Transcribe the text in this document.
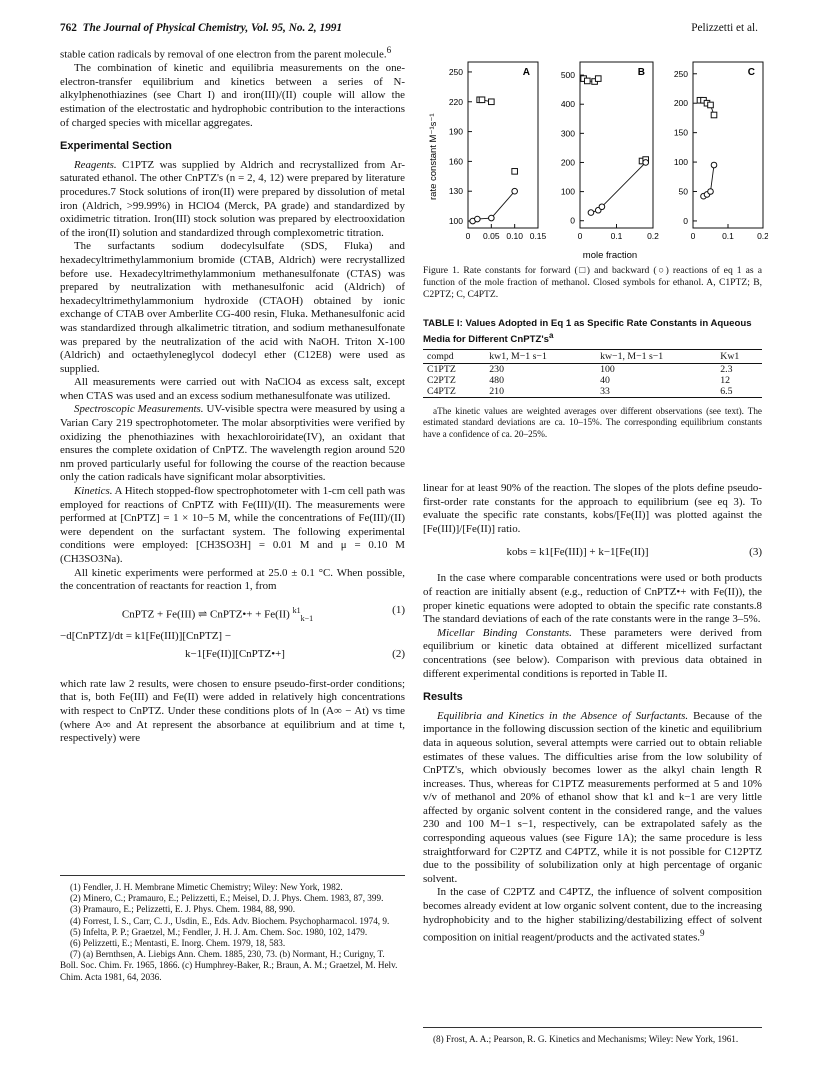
762 The Journal of Physical Chemistry, Vol. 95, No. 2, 1991	Pelizzetti et al.

stable cation radicals by removal of one electron from the parent molecule.$^6$

The combination of kinetic and equilibria measurements on the one-electron-transfer equilibrium and kinetics between a series of N-alkylphenothiazines (see Chart I) and iron(III)/(II) couple will allow the estimation of the electrostatic and hydrophobic contribution to the interactions of charged species with micellar aggregates.

Experimental Section

Reagents. C1PTZ was supplied by Aldrich and recrystallized from Ar-saturated ethanol. The other CnPTZ's (n = 2, 4, 12) were prepared by literature procedures.7 Stock solutions of iron(II) were prepared by dissolution of metal iron (Aldrich, >99.99%) in HClO4 (Merck, PA grade) and standardized by oxidimetric titration. Iron(III) stock solution was prepared by electrooxidation of the iron(II) solution and standardized through complexometric titration.

The surfactants sodium dodecylsulfate (SDS, Fluka) and hexadecyltrimethylammonium bromide (CTAB, Aldrich) were recrystallized before use. Hexadecyltrimethylammonium methanesulfonate (CTAS) was prepared by neutralization with methanesulfonic acid (Aldrich) of hexadecyltrimethylammonium hydroxide (CTAOH) obtained by ionic exchange of CTAB over Amberlite CG-400 resin, Fluka. Methanesulfonic acid was standardized through alkalimetric titration, and sodium methanesulfonate was prepared by the neutralization of the acid with NaOH. Triton X-100 (Aldrich) and octaethyleneglycol dodecyl ether (C12E8) were used as supplied.

All measurements were carried out with NaClO4 as excess salt, except when CTAS was used and an excess sodium methanesulfonate was utilized.

Spectroscopic Measurements. UV-visible spectra were measured by using a Varian Cary 219 spectrophotometer. The molar absorptivities were verified by oxidizing the phenothiazines with hexachloroiridate(IV), an oxidant that ensures the complete oxidation of CnPTZ. The wavelength region around 520 nm proved particularly useful for following the course of the reaction because only the cation radicals have significant molar absorptivities.

Kinetics. A Hitech stopped-flow spectrophotometer with 1-cm cell path was employed for reactions of CnPTZ with Fe(III)/(II). The measurements were performed at [CnPTZ] = 1 × 10−5 M, while the concentrations of Fe(III)/(II) were dependent on the surfactant system. The following experimental conditions were employed: [CH3SO3H] = 0.01 M and μ = 0.10 M (CH3SO3Na).

All kinetic experiments were performed at 25.0 ± 0.1 °C. When possible, the concentration of reactants for reaction 1, from

CnPTZ + Fe(III) ⇌ CnPTZ•+ + Fe(II) $^{k1}_{k-1}$
(1)
−d[CnPTZ]/dt = k1[Fe(III)][CnPTZ] −
k−1[Fe(II)][CnPTZ•+]	(2)

which rate law 2 results, were chosen to ensure pseudo-first-order conditions; that is, both Fe(III) and Fe(II) were added in relatively high concentrations with respect to CnPTZ. Under these conditions plots of ln (A∞ − At) vs time (where A∞ and At represent the absorbance at equilibrium and at time t, respectively) were

(1) Fendler, J. H. Membrane Mimetic Chemistry; Wiley: New York, 1982.

(2) Minero, C.; Pramauro, E.; Pelizzetti, E.; Meisel, D. J. Phys. Chem. 1983, 87, 399.

(3) Pramauro, E.; Pelizzetti, E. J. Phys. Chem. 1984, 88, 990.

(4) Forrest, I. S., Carr, C. J., Usdin, E., Eds. Adv. Biochem. Psychopharmacol. 1974, 9.

(5) Infelta, P. P.; Graetzel, M.; Fendler, J. H. J. Am. Chem. Soc. 1980, 102, 1479.

(6) Pelizzetti, E.; Mentasti, E. Inorg. Chem. 1979, 18, 583.

(7) (a) Bernthsen, A. Liebigs Ann. Chem. 1885, 230, 73. (b) Normant, H.; Curigny, T. Boll. Soc. Chim. Fr. 1965, 1866. (c) Humphrey-Baker, R.; Braun, A. M.; Graetzel, M. Helv. Chim. Acta 1981, 64, 2036.

A
100
130
160
190
220
250
0 0.05 0.10 0.15
B
0
100
200
300
400
500
0	0.1	0.2
C
0
50
100
150
200
250
0	0.1	0.2
rate constant M⁻¹s⁻¹
mole fraction
Figure 1. Rate constants for forward (□) and backward (○) reactions of eq 1 as a function of the mole fraction of methanol. Closed symbols for ethanol. A, C1PTZ; B, C2PTZ; C, C4PTZ.
TABLE I: Values Adopted in Eq 1 as Specific Rate Constants in Aqueous Media for Different $CnPTZ's^a$
compd	kw1, M−1 s−1	kw−1, M−1 s−1	Kw1
C1PTZ	230	100	2.3
C2PTZ	480	40	12
C4PTZ	210	33	6.5
aThe kinetic values are weighted averages over different observations (see text). The estimated standard deviations are ca. 10–15%. The corresponding equilibrium constants have a confidence of ca. 20–25%.

linear for at least 90% of the reaction. The slopes of the plots define pseudo-first-order rate constants for the approach to equilibrium (see eq 3). To evaluate the specific rate constants, kobs/[Fe(II)] was plotted against the [Fe(III)]/[Fe(II)] ratio.

kobs = k1[Fe(III)] + k−1[Fe(II)]	(3)

In the case where comparable concentrations were used or both products of reaction are initially absent (e.g., reduction of CnPTZ•+ with Fe(II)), the proper kinetic equations were adopted to obtain the specific rate constants.8 The standard deviations of each of the rate constants were in the range 3–5%.

Micellar Binding Constants. These parameters were derived from equilibrium or kinetic data obtained at different micellized surfactant concentrations (see below). Comparison with previous data obtained in different experimental conditions is reported in Table II.

Results

Equilibria and Kinetics in the Absence of Surfactants. Because of the importance in the following discussion section of the kinetic and equilibrium data in aqueous solution, several attempts were carried out to obtain reliable estimates of these values. The difficulties arise from the low solubility of CnPTZ's, which obviously becomes lower as the alkyl chain length R increases. Thus, whereas for C1PTZ measurements performed at 5 and 10% v/v of methanol and 20% of ethanol show that k1 and k−1 are very little affected by organic solvent content in the considered range, and the values 230 and 100 M−1 s−1, respectively, can be extrapolated safely as the corresponding aqueous values (see Figure 1A); the same procedure is less straightforward for C2PTZ and C4PTZ, while it is not possible for C12PTZ due to the possibility of solubilization only at high percentage of organic solvent.

In the case of C2PTZ and C4PTZ, the influence of solvent composition becomes already evident at low organic solvent content, due to the increasing hydrophobicity and to the higher stabilizing/destabilizing effect of solvent composition on initial reagent/products and the activated states.$^9$

(8) Frost, A. A.; Pearson, R. G. Kinetics and Mechanisms; Wiley: New York, 1961.
